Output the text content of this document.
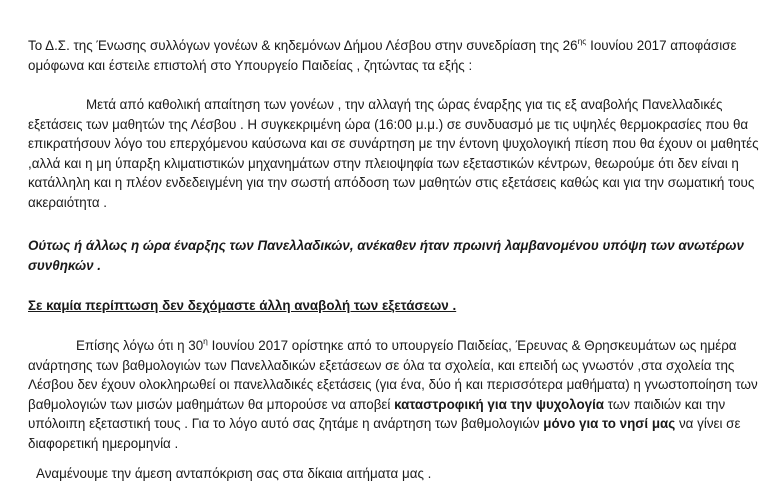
Το Δ.Σ. της Ένωσης συλλόγων γονέων & κηδεμόνων Δήμου Λέσβου στην συνεδρίαση της $26^{\eta\varsigma}$ Ιουνίου 2017 αποφάσισε ομόφωνα και έστειλε επιστολή στο Υπουργείο Παιδείας , ζητώντας τα εξής :

Μετά από καθολική απαίτηση των γονέων , την αλλαγή της ώρας έναρξης για τις εξ αναβολής Πανελλαδικές εξετάσεις των μαθητών της Λέσβου . Η συγκεκριμένη ώρα (16:00 μ.μ.) σε συνδυασμό με τις υψηλές θερμοκρασίες που θα επικρατήσουν λόγο του επερχόμενου καύσωνα και σε συνάρτηση με την έντονη ψυχολογική πίεση που θα έχουν οι μαθητές ,αλλά και η μη ύπαρξη κλιματιστικών μηχανημάτων στην πλειοψηφία των εξεταστικών κέντρων, θεωρούμε ότι δεν είναι η κατάλληλη και η πλέον ενδεδειγμένη για την σωστή απόδοση των μαθητών στις εξετάσεις καθώς και για την σωματική τους ακεραιότητα .

Ούτως ή άλλως η ώρα έναρξης των Πανελλαδικών, ανέκαθεν ήταν πρωινή λαμβανομένου υπόψη των ανωτέρων συνθηκών .

Σε καμία περίπτωση δεν δεχόμαστε άλλη αναβολή των εξετάσεων .

Επίσης λόγω ότι η $30^\eta$ Ιουνίου 2017 ορίστηκε από το υπουργείο Παιδείας, Έρευνας & Θρησκευμάτων ως ημέρα ανάρτησης των βαθμολογιών των Πανελλαδικών εξετάσεων σε όλα τα σχολεία, και επειδή ως γνωστόν ,στα σχολεία της Λέσβου δεν έχουν ολοκληρωθεί οι πανελλαδικές εξετάσεις (για ένα, δύο ή και περισσότερα μαθήματα) η γνωστοποίηση των βαθμολογιών των μισών μαθημάτων θα μπορούσε να αποβεί καταστροφική για την ψυχολογία των παιδιών και την υπόλοιπη εξεταστική τους . Για το λόγο αυτό σας ζητάμε η ανάρτηση των βαθμολογιών μόνο για το νησί μας να γίνει σε διαφορετική ημερομηνία .

Αναμένουμε την άμεση ανταπόκριση σας στα δίκαια αιτήματα μας .
